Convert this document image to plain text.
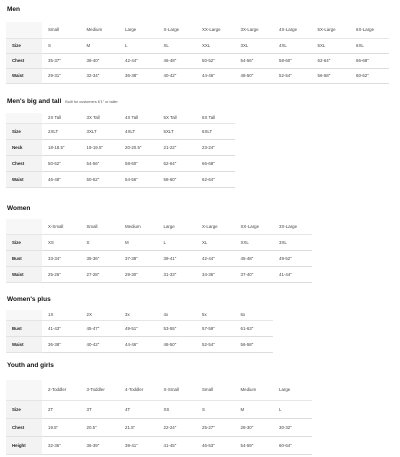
Men
	Small	Medium	Large	X-Large	XX-Large	3X-Large	4X-Large	5X-Large	6X-Large
Size	S	M	L	XL	XXL	3XL	4XL	5XL	6XL
Chest	35-37"	38-40"	42-44"	46-48"	50-52"	54-56"	58-60"	62-64"	66-68"
Waist	29-31"	32-34"	36-38"	40-42"	44-46"	48-50"	52-54"	56-58"	60-62"
Men's big and tall Built for customers 6'1" or taller
	2X Tall	3X Tall	4X Tall	5X Tall	6X Tall
Size	2XLT	3XLT	4XLT	5XLT	6XLT
Neck	18-18.5"	19-19.5"	20-20.5"	21-22"	23-24"
Chest	50-52"	54-56"	58-60"	62-64"	66-68"
Waist	46-48"	50-52"	54-56"	58-60"	62-64"
Women
	X-Small	Small	Medium	Large	X-Large	XX-Large	3X-Large
Size	XS	S	M	L	XL	XXL	3XL
Bust	33-34"	35-36"	37-38"	39-41"	42-44"	45-48"	49-52"
Waist	25-26"	27-28"	29-30"	31-33"	34-36"	37-40"	41-44"
Women's plus
	1X	2X	3x	4x	5x	6x
Bust	41-43"	45-47"	49-51"	53-55"	57-59"	61-63"
Waist	36-38"	40-42"	44-46"	48-50"	52-54"	56-58"
Youth and girls
	2-Toddler	3-Toddler	4-Toddler	X-Small	Small	Medium	Large
Size	2T	3T	4T	XS	S	M	L
Chest	19.5"	20.5"	21.5"	22-24"	25-27"	28-30"	30-32"
Height	32-36"	36-39"	39-41"	41-45"	46-53"	54-59"	60-64"
